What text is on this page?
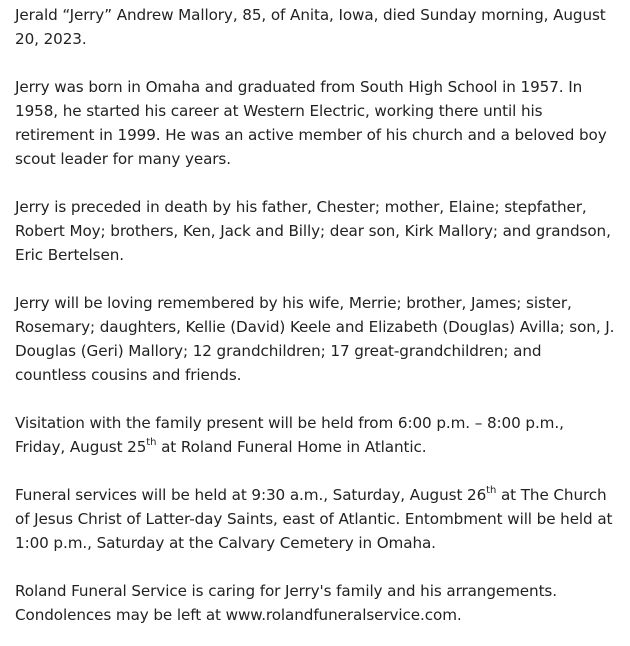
Jerald “Jerry” Andrew Mallory, 85, of Anita, Iowa, died Sunday morning, August 20, 2023.

Jerry was born in Omaha and graduated from South High School in 1957. In 1958, he started his career at Western Electric, working there until his retirement in 1999. He was an active member of his church and a beloved boy scout leader for many years.

Jerry is preceded in death by his father, Chester; mother, Elaine; stepfather, Robert Moy; brothers, Ken, Jack and Billy; dear son, Kirk Mallory; and grandson, Eric Bertelsen.

Jerry will be loving remembered by his wife, Merrie; brother, James; sister, Rosemary; daughters, Kellie (David) Keele and Elizabeth (Douglas) Avilla; son, J. Douglas (Geri) Mallory; 12 grandchildren; 17 great-grandchildren; and countless cousins and friends.

Visitation with the family present will be held from 6:00 p.m. – 8:00 p.m., Friday, August 25th at Roland Funeral Home in Atlantic.

Funeral services will be held at 9:30 a.m., Saturday, August 26th at The Church of Jesus Christ of Latter-day Saints, east of Atlantic. Entombment will be held at 1:00 p.m., Saturday at the Calvary Cemetery in Omaha.

Roland Funeral Service is caring for Jerry's family and his arrangements. Condolences may be left at www.rolandfuneralservice.com.
